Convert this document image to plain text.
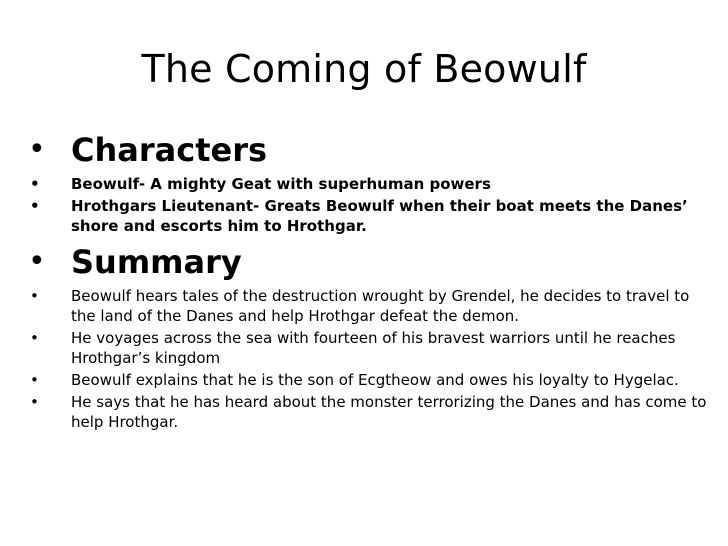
The Coming of Beowulf
• Characters
• Beowulf- A mighty Geat with superhuman powers
• Hrothgars Lieutenant- Greats Beowulf when their boat meets the Danes’ shore and escorts him to Hrothgar.
• Summary
• Beowulf hears tales of the destruction wrought by Grendel, he decides to travel to the land of the Danes and help Hrothgar defeat the demon.
• He voyages across the sea with fourteen of his bravest warriors until he reaches Hrothgar’s kingdom
• Beowulf explains that he is the son of Ecgtheow and owes his loyalty to Hygelac.
• He says that he has heard about the monster terrorizing the Danes and has come to help Hrothgar.
